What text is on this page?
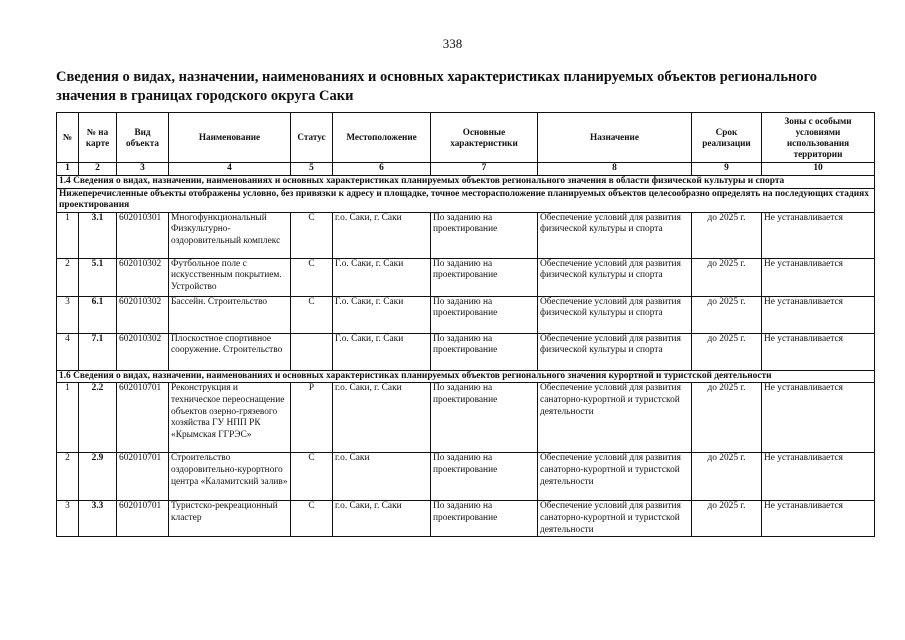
338
Сведения о видах, назначении, наименованиях и основных характеристиках планируемых объектов регионального значения в границах городского округа Саки
№	№ на карте	Вид объекта	Наименование	Статус	Местоположение	Основные характеристики	Назначение	Срок реализации	Зоны с особыми условиями использования территории
1	2	3	4	5	6	7	8	9	10
1.4 Сведения о видах, назначении, наименованиях и основных характеристиках планируемых объектов регионального значения в области физической культуры и спорта									
Нижеперечисленные объекты отображены условно, без привязки к адресу и площадке, точное месторасположение планируемых объектов целесообразно определять на последующих стадиях проектирования									
1	3.1	602010301	Многофункциональный Физкультурно-оздоровительный комплекс	С	г.о. Саки, г. Саки	По заданию на проектирование	Обеспечение условий для развития физической культуры и спорта	до 2025 г.	Не устанавливается
2	5.1	602010302	Футбольное поле с искусственным покрытием. Устройство	С	Г.о. Саки, г. Саки	По заданию на проектирование	Обеспечение условий для развития физической культуры и спорта	до 2025 г.	Не устанавливается
3	6.1	602010302	Бассейн. Строительство	С	Г.о. Саки, г. Саки	По заданию на проектирование	Обеспечение условий для развития физической культуры и спорта	до 2025 г.	Не устанавливается
4	7.1	602010302	Плоскостное спортивное сооружение. Строительство		Г.о. Саки, г. Саки	По заданию на проектирование	Обеспечение условий для развития физической культуры и спорта	до 2025 г.	Не устанавливается
1.6 Сведения о видах, назначении, наименованиях и основных характеристиках планируемых объектов регионального значения курортной и туристской деятельности									
1	2.2	602010701	Реконструкция и техническое переоснащение объектов озерно-грязевого хозяйства ГУ НПП РК «Крымская ГГРЭС»	Р	г.о. Саки, г. Саки	По заданию на проектирование	Обеспечение условий для развития санаторно-курортной и туристской деятельности	до 2025 г.	Не устанавливается
2	2.9	602010701	Строительство оздоровительно-курортного центра «Каламитский залив»	С	г.о. Саки	По заданию на проектирование	Обеспечение условий для развития санаторно-курортной и туристской деятельности	до 2025 г.	Не устанавливается
3	3.3	602010701	Туристско-рекреационный кластер	С	г.о. Саки, г. Саки	По заданию на проектирование	Обеспечение условий для развития санаторно-курортной и туристской деятельности	до 2025 г.	Не устанавливается
